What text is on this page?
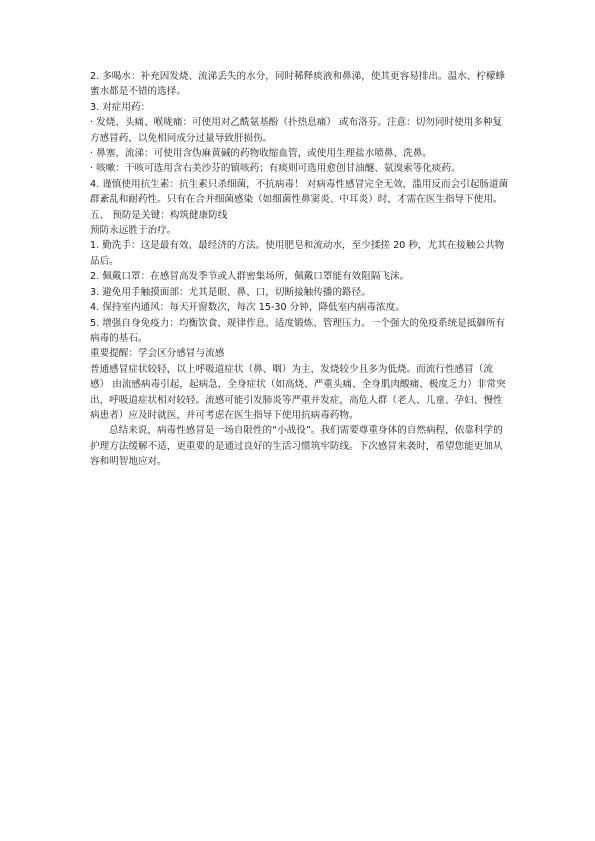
2. 多喝水：补充因发烧、流涕丢失的水分，同时稀释痰液和鼻涕，使其更容易排出。温水、柠檬蜂蜜水都是不错的选择。

3. 对症用药：

· 发烧、头痛、喉咙痛：可使用对乙酰氨基酚（扑热息痛） 或布洛芬。注意：切勿同时使用多种复方感冒药，以免相同成分过量导致肝损伤。

· 鼻塞、流涕：可使用含伪麻黄碱的药物收缩血管，或使用生理盐水喷鼻、洗鼻。

· 咳嗽：干咳可选用含右美沙芬的镇咳药；有痰则可选用愈创甘油醚、氨溴索等化痰药。

4. 谨慎使用抗生素：抗生素只杀细菌，不抗病毒！ 对病毒性感冒完全无效，滥用反而会引起肠道菌群紊乱和耐药性。只有在合并细菌感染（如细菌性鼻窦炎、中耳炎）时，才需在医生指导下使用。

五、 预防是关键：构筑健康防线

预防永远胜于治疗。

1. 勤洗手：这是最有效、最经济的方法。使用肥皂和流动水，至少揉搓 20 秒，尤其在接触公共物品后。

2. 佩戴口罩：在感冒高发季节或人群密集场所，佩戴口罩能有效阻隔飞沫。

3. 避免用手触摸面部：尤其是眼、鼻、口，切断接触传播的路径。

4. 保持室内通风：每天开窗数次，每次 15-30 分钟，降低室内病毒浓度。

5. 增强自身免疫力：均衡饮食、规律作息、适度锻炼、管理压力。一个强大的免疫系统是抵御所有病毒的基石。

重要提醒：学会区分感冒与流感

普通感冒症状较轻，以上呼吸道症状（鼻、咽）为主，发烧较少且多为低烧。而流行性感冒（流感） 由流感病毒引起，起病急，全身症状（如高烧、严重头痛、全身肌肉酸痛、极度乏力）非常突出，呼吸道症状相对较轻。流感可能引发肺炎等严重并发症，高危人群（老人、儿童、孕妇、慢性病患者）应及时就医，并可考虑在医生指导下使用抗病毒药物。

总结来说，病毒性感冒是一场自限性的“小战役”。我们需要尊重身体的自然病程，依靠科学的护理方法缓解不适，更重要的是通过良好的生活习惯筑牢防线。下次感冒来袭时，希望您能更加从容和明智地应对。
